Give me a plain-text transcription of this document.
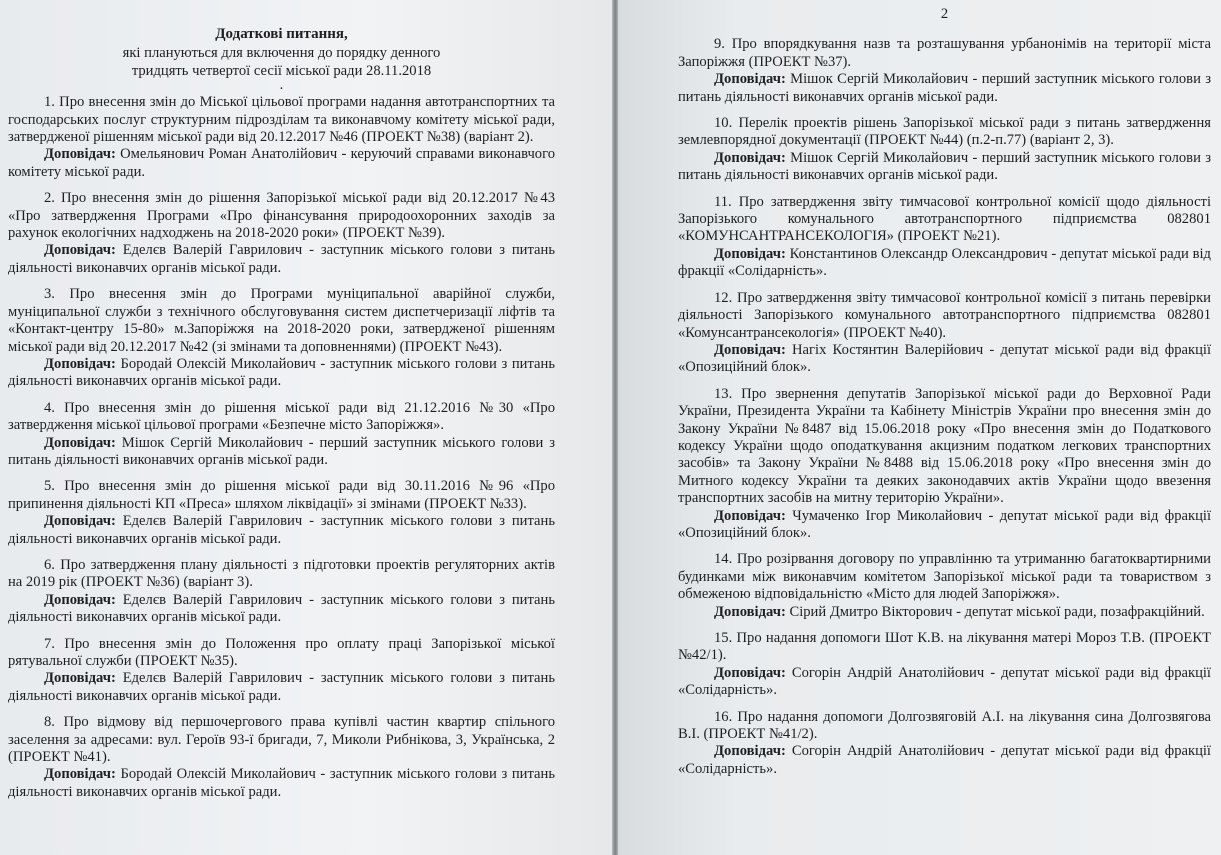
Додаткові питання,
які плануються для включення до порядку денного
тридцять четвертої сесії міської ради 28.11.2018
.

1. Про внесення змін до Міської цільової програми надання автотранспортних та господарських послуг структурним підрозділам та виконавчому комітету міської ради, затвердженої рішенням міської ради від 20.12.2017 №46 (ПРОЕКТ №38) (варіант 2).

Доповідач: Омельянович Роман Анатолійович - керуючий справами виконавчого комітету міської ради.

2. Про внесення змін до рішення Запорізької міської ради від 20.12.2017 №43 «Про затвердження Програми «Про фінансування природоохоронних заходів за рахунок екологічних надходжень на 2018-2020 роки» (ПРОЕКТ №39).

Доповідач: Еделєв Валерій Гаврилович - заступник міського голови з питань діяльності виконавчих органів міської ради.

3. Про внесення змін до Програми муніципальної аварійної служби, муніципальної служби з технічного обслуговування систем диспетчеризації ліфтів та «Контакт-центру 15-80» м.Запоріжжя на 2018-2020 роки, затвердженої рішенням міської ради від 20.12.2017 №42 (зі змінами та доповненнями) (ПРОЕКТ №43).

Доповідач: Бородай Олексій Миколайович - заступник міського голови з питань діяльності виконавчих органів міської ради.

4. Про внесення змін до рішення міської ради від 21.12.2016 №30 «Про затвердження міської цільової програми «Безпечне місто Запоріжжя».

Доповідач: Мішок Сергій Миколайович - перший заступник міського голови з питань діяльності виконавчих органів міської ради.

5. Про внесення змін до рішення міської ради від 30.11.2016 №96 «Про припинення діяльності КП «Преса» шляхом ліквідації» зі змінами (ПРОЕКТ №33).

Доповідач: Еделєв Валерій Гаврилович - заступник міського голови з питань діяльності виконавчих органів міської ради.

6. Про затвердження плану діяльності з підготовки проектів регуляторних актів на 2019 рік (ПРОЕКТ №36) (варіант 3).

Доповідач: Еделєв Валерій Гаврилович - заступник міського голови з питань діяльності виконавчих органів міської ради.

7. Про внесення змін до Положення про оплату праці Запорізької міської рятувальної служби (ПРОЕКТ №35).

Доповідач: Еделєв Валерій Гаврилович - заступник міського голови з питань діяльності виконавчих органів міської ради.

8. Про відмову від першочергового права купівлі частин квартир спільного заселення за адресами: вул. Героїв 93-ї бригади, 7, Миколи Рибнікова, 3, Українська, 2 (ПРОЕКТ №41).

Доповідач: Бородай Олексій Миколайович - заступник міського голови з питань діяльності виконавчих органів міської ради.

2

9. Про впорядкування назв та розташування урбанонімів на території міста Запоріжжя (ПРОЕКТ №37).

Доповідач: Мішок Сергій Миколайович - перший заступник міського голови з питань діяльності виконавчих органів міської ради.

10. Перелік проектів рішень Запорізької міської ради з питань затвердження землевпорядної документації (ПРОЕКТ №44) (п.2-п.77) (варіант 2, 3).

Доповідач: Мішок Сергій Миколайович - перший заступник міського голови з питань діяльності виконавчих органів міської ради.

11. Про затвердження звіту тимчасової контрольної комісії щодо діяльності Запорізького комунального автотранспортного підприємства 082801 «КОМУНСАНТРАНСЕКОЛОГІЯ» (ПРОЕКТ №21).

Доповідач: Константинов Олександр Олександрович - депутат міської ради від фракції «Солідарність».

12. Про затвердження звіту тимчасової контрольної комісії з питань перевірки діяльності Запорізького комунального автотранспортного підприємства 082801 «Комунсантрансекологія» (ПРОЕКТ №40).

Доповідач: Нагіх Костянтин Валерійович - депутат міської ради від фракції «Опозиційний блок».

13. Про звернення депутатів Запорізької міської ради до Верховної Ради України, Президента України та Кабінету Міністрів України про внесення змін до Закону України №8487 від 15.06.2018 року «Про внесення змін до Податкового кодексу України щодо оподаткування акцизним податком легкових транспортних засобів» та Закону України №8488 від 15.06.2018 року «Про внесення змін до Митного кодексу України та деяких законодавчих актів України щодо ввезення транспортних засобів на митну територію України».

Доповідач: Чумаченко Ігор Миколайович - депутат міської ради від фракції «Опозиційний блок».

14. Про розірвання договору по управлінню та утриманню багатоквартирними будинками між виконавчим комітетом Запорізької міської ради та товариством з обмеженою відповідальністю «Місто для людей Запоріжжя».

Доповідач: Сірий Дмитро Вікторович - депутат міської ради, позафракційний.

15. Про надання допомоги Шот К.В. на лікування матері Мороз Т.В. (ПРОЕКТ №42/1).

Доповідач: Согорін Андрій Анатолійович - депутат міської ради від фракції «Солідарність».

16. Про надання допомоги Долгозвяговій А.І. на лікування сина Долгозвягова В.І. (ПРОЕКТ №41/2).

Доповідач: Согорін Андрій Анатолійович - депутат міської ради від фракції «Солідарність».
